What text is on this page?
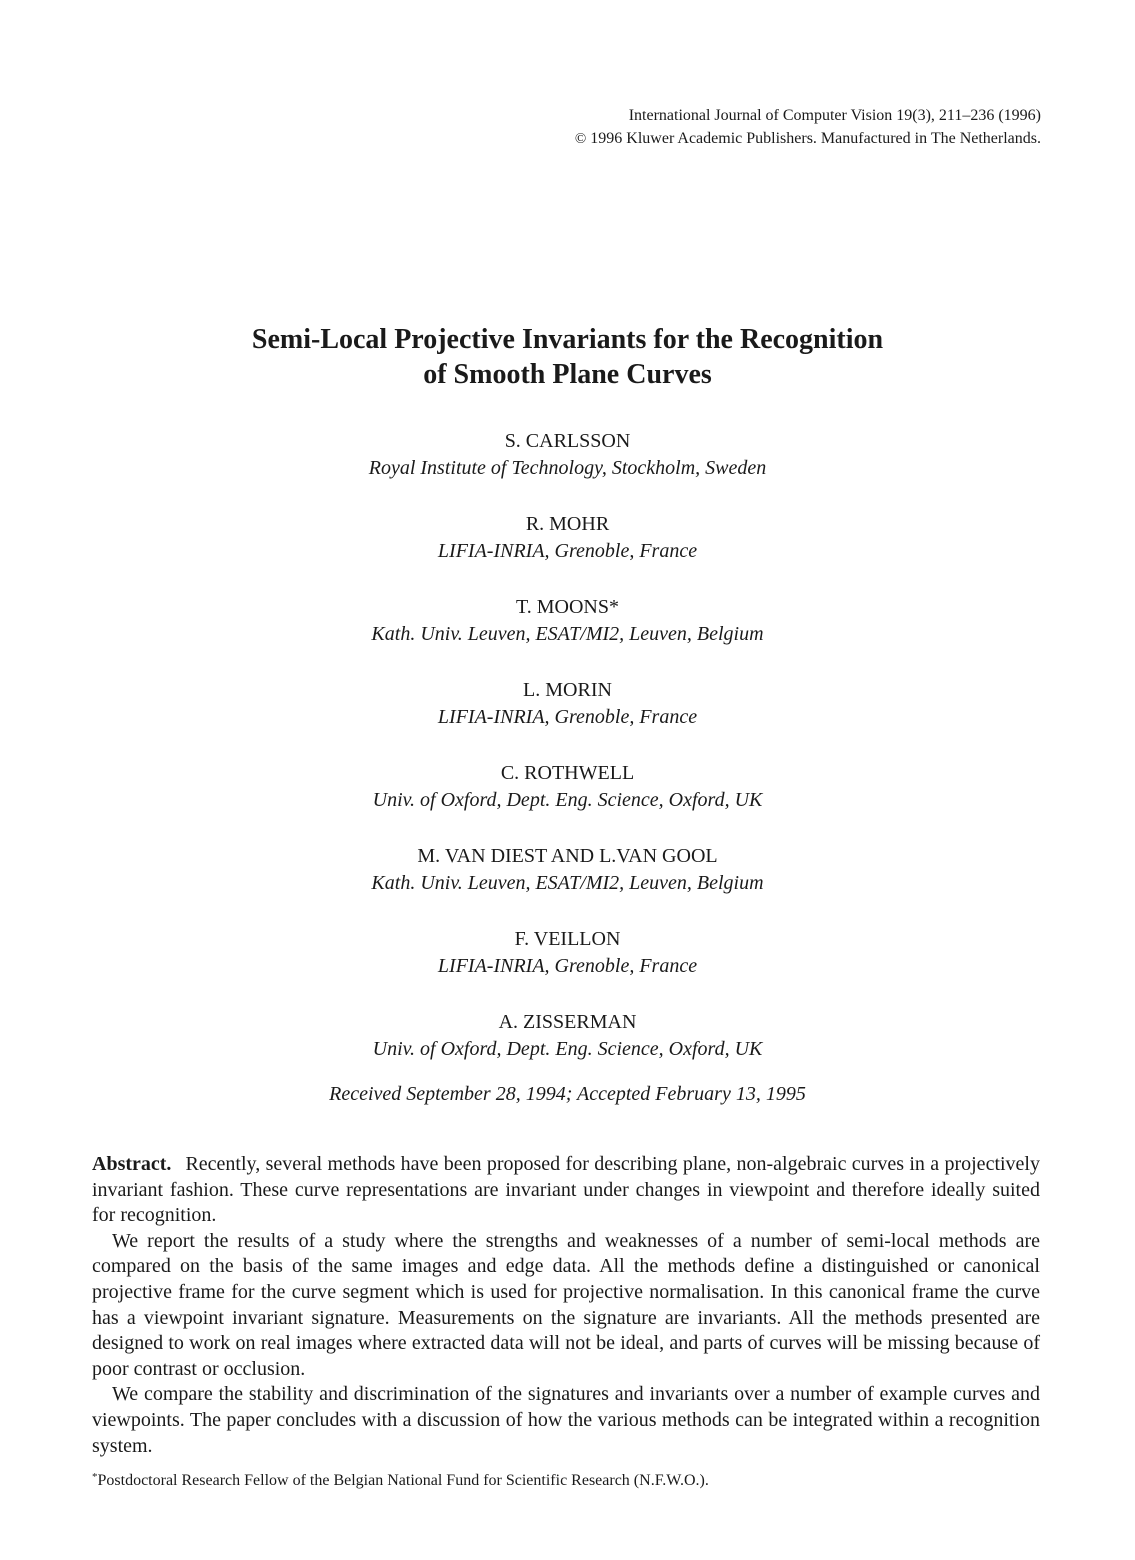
International Journal of Computer Vision 19(3), 211–236 (1996)
© 1996 Kluwer Academic Publishers. Manufactured in The Netherlands.
Semi-Local Projective Invariants for the Recognition
of Smooth Plane Curves
S. CARLSSON
Royal Institute of Technology, Stockholm, Sweden
R. MOHR
LIFIA-INRIA, Grenoble, France
T. MOONS*
Kath. Univ. Leuven, ESAT/MI2, Leuven, Belgium
L. MORIN
LIFIA-INRIA, Grenoble, France
C. ROTHWELL
Univ. of Oxford, Dept. Eng. Science, Oxford, UK
M. VAN DIEST AND L.VAN GOOL
Kath. Univ. Leuven, ESAT/MI2, Leuven, Belgium
F. VEILLON
LIFIA-INRIA, Grenoble, France
A. ZISSERMAN
Univ. of Oxford, Dept. Eng. Science, Oxford, UK
Received September 28, 1994; Accepted February 13, 1995

Abstract. Recently, several methods have been proposed for describing plane, non-algebraic curves in a projectively invariant fashion. These curve representations are invariant under changes in viewpoint and therefore ideally suited for recognition.

We report the results of a study where the strengths and weaknesses of a number of semi-local methods are compared on the basis of the same images and edge data. All the methods define a distinguished or canonical projective frame for the curve segment which is used for projective normalisation. In this canonical frame the curve has a viewpoint invariant signature. Measurements on the signature are invariants. All the methods presented are designed to work on real images where extracted data will not be ideal, and parts of curves will be missing because of poor contrast or occlusion.

We compare the stability and discrimination of the signatures and invariants over a number of example curves and viewpoints. The paper concludes with a discussion of how the various methods can be integrated within a recognition system.

*Postdoctoral Research Fellow of the Belgian National Fund for Scientific Research (N.F.W.O.).
